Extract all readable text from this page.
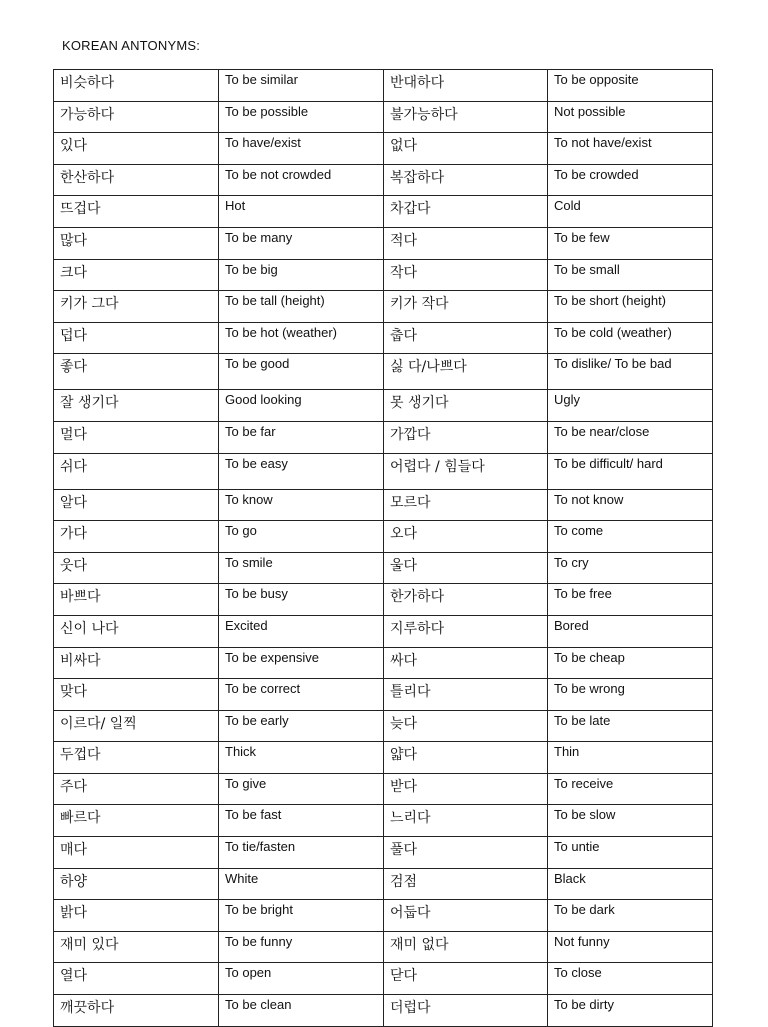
KOREAN ANTONYMS:
비슷하다	To be similar	반대하다	To be opposite
가능하다	To be possible	불가능하다	Not possible
있다	To have/exist	없다	To not have/exist
한산하다	To be not crowded	복잡하다	To be crowded
뜨겁다	Hot	차갑다	Cold
많다	To be many	적다	To be few
크다	To be big	작다	To be small
키가 그다	To be tall (height)	키가 작다	To be short (height)
덥다	To be hot (weather)	춥다	To be cold (weather)
좋다	To be good	싫 다/나쁘다	To dislike/ To be bad
잘 생기다	Good looking	못 생기다	Ugly
멀다	To be far	가깝다	To be near/close
쉬다	To be easy	어렵다 / 힘들다	To be difficult/ hard
알다	To know	모르다	To not know
가다	To go	오다	To come
웃다	To smile	울다	To cry
바쁘다	To be busy	한가하다	To be free
신이 나다	Excited	지루하다	Bored
비싸다	To be expensive	싸다	To be cheap
맞다	To be correct	틀리다	To be wrong
이르다/ 일찍	To be early	늦다	To be late
두껍다	Thick	얇다	Thin
주다	To give	받다	To receive
빠르다	To be fast	느리다	To be slow
매다	To tie/fasten	풀다	To untie
하양	White	검점	Black
밝다	To be bright	어둡다	To be dark
재미 있다	To be funny	재미 없다	Not funny
열다	To open	닫다	To close
깨끗하다	To be clean	더럽다	To be dirty
